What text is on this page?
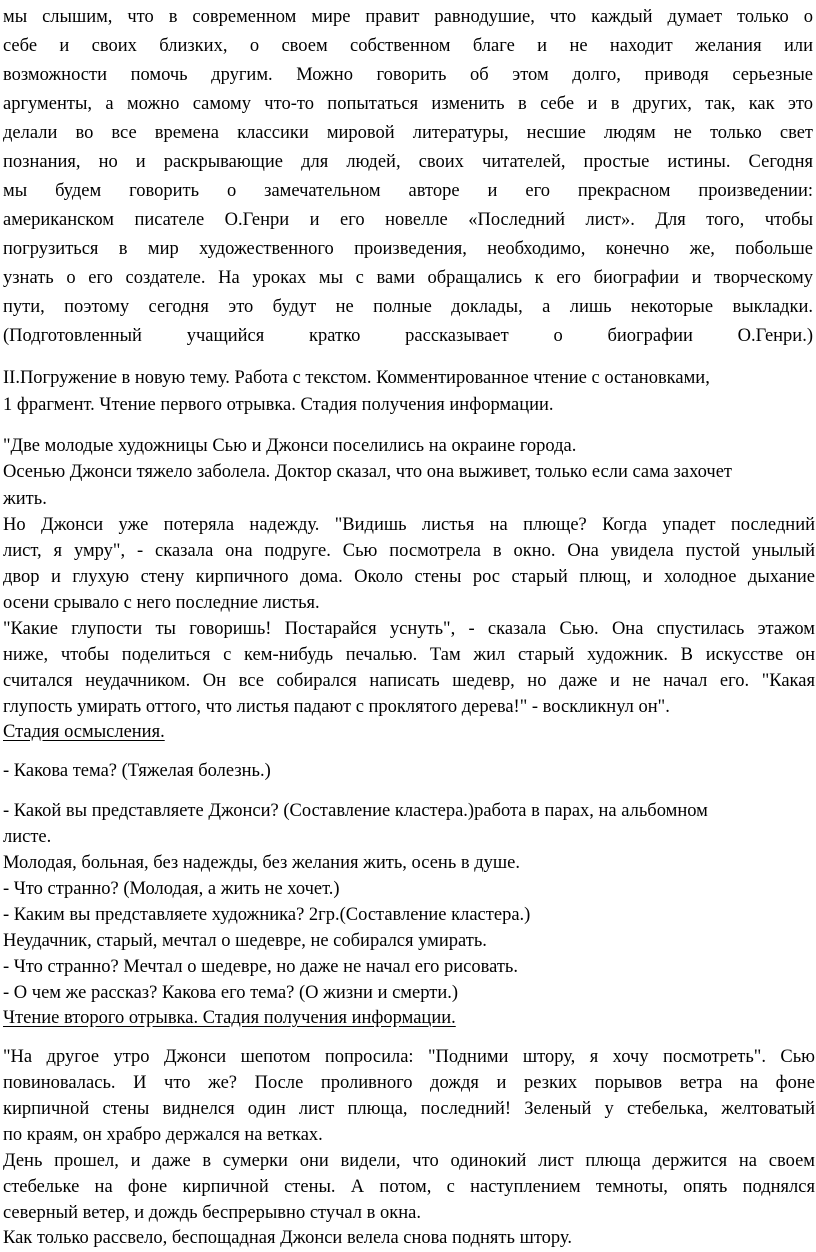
мы слышим, что в современном мире правит равнодушие, что каждый думает только о
себе и своих близких, о своем собственном благе и не находит желания или
возможности помочь другим. Можно говорить об этом долго, приводя серьезные
аргументы, а можно самому что-то попытаться изменить в себе и в других, так, как это
делали во все времена классики мировой литературы, несшие людям не только свет
познания, но и раскрывающие для людей, своих читателей, простые истины. Сегодня
мы будем говорить о замечательном авторе и его прекрасном произведении:
американском писателе О.Генри и его новелле «Последний лист». Для того, чтобы
погрузиться в мир художественного произведения, необходимо, конечно же, побольше
узнать о его создателе. На уроках мы с вами обращались к его биографии и творческому
пути, поэтому сегодня это будут не полные доклады, а лишь некоторые выкладки.
(Подготовленный учащийся кратко рассказывает о биографии О.Генри.)
II.Погружение в новую тему. Работа с текстом. Комментированное чтение с остановками,
1 фрагмент. Чтение первого отрывка. Стадия получения информации.
"Две молодые художницы Сью и Джонси поселились на окраине города.
Осенью Джонси тяжело заболела. Доктор сказал, что она выживет, только если сама захочет
жить.
Но Джонси уже потеряла надежду. "Видишь листья на плюще? Когда упадет последний
лист, я умру", - сказала она подруге. Сью посмотрела в окно. Она увидела пустой унылый
двор и глухую стену кирпичного дома. Около стены рос старый плющ, и холодное дыхание
осени срывало с него последние листья.
"Какие глупости ты говоришь! Постарайся уснуть", - сказала Сью. Она спустилась этажом
ниже, чтобы поделиться с кем-нибудь печалью. Там жил старый художник. В искусстве он
считался неудачником. Он все собирался написать шедевр, но даже и не начал его. "Какая
глупость умирать оттого, что листья падают с проклятого дерева!" - воскликнул он".
Стадия осмысления.
- Какова тема? (Тяжелая болезнь.)
- Какой вы представляете Джонси? (Составление кластера.)работа в парах, на альбомном
листе.
Молодая, больная, без надежды, без желания жить, осень в душе.
- Что странно? (Молодая, а жить не хочет.)
- Каким вы представляете художника? 2гр.(Составление кластера.)
Неудачник, старый, мечтал о шедевре, не собирался умирать.
- Что странно? Мечтал о шедевре, но даже не начал его рисовать.
- О чем же рассказ? Какова его тема? (О жизни и смерти.)
Чтение второго отрывка. Стадия получения информации.
"На другое утро Джонси шепотом попросила: "Подними штору, я хочу посмотреть". Сью
повиновалась. И что же? После проливного дождя и резких порывов ветра на фоне
кирпичной стены виднелся один лист плюща, последний! Зеленый у стебелька, желтоватый
по краям, он храбро держался на ветках.
День прошел, и даже в сумерки они видели, что одинокий лист плюща держится на своем
стебельке на фоне кирпичной стены. А потом, с наступлением темноты, опять поднялся
северный ветер, и дождь беспрерывно стучал в окна.
Как только рассвело, беспощадная Джонси велела снова поднять штору.
